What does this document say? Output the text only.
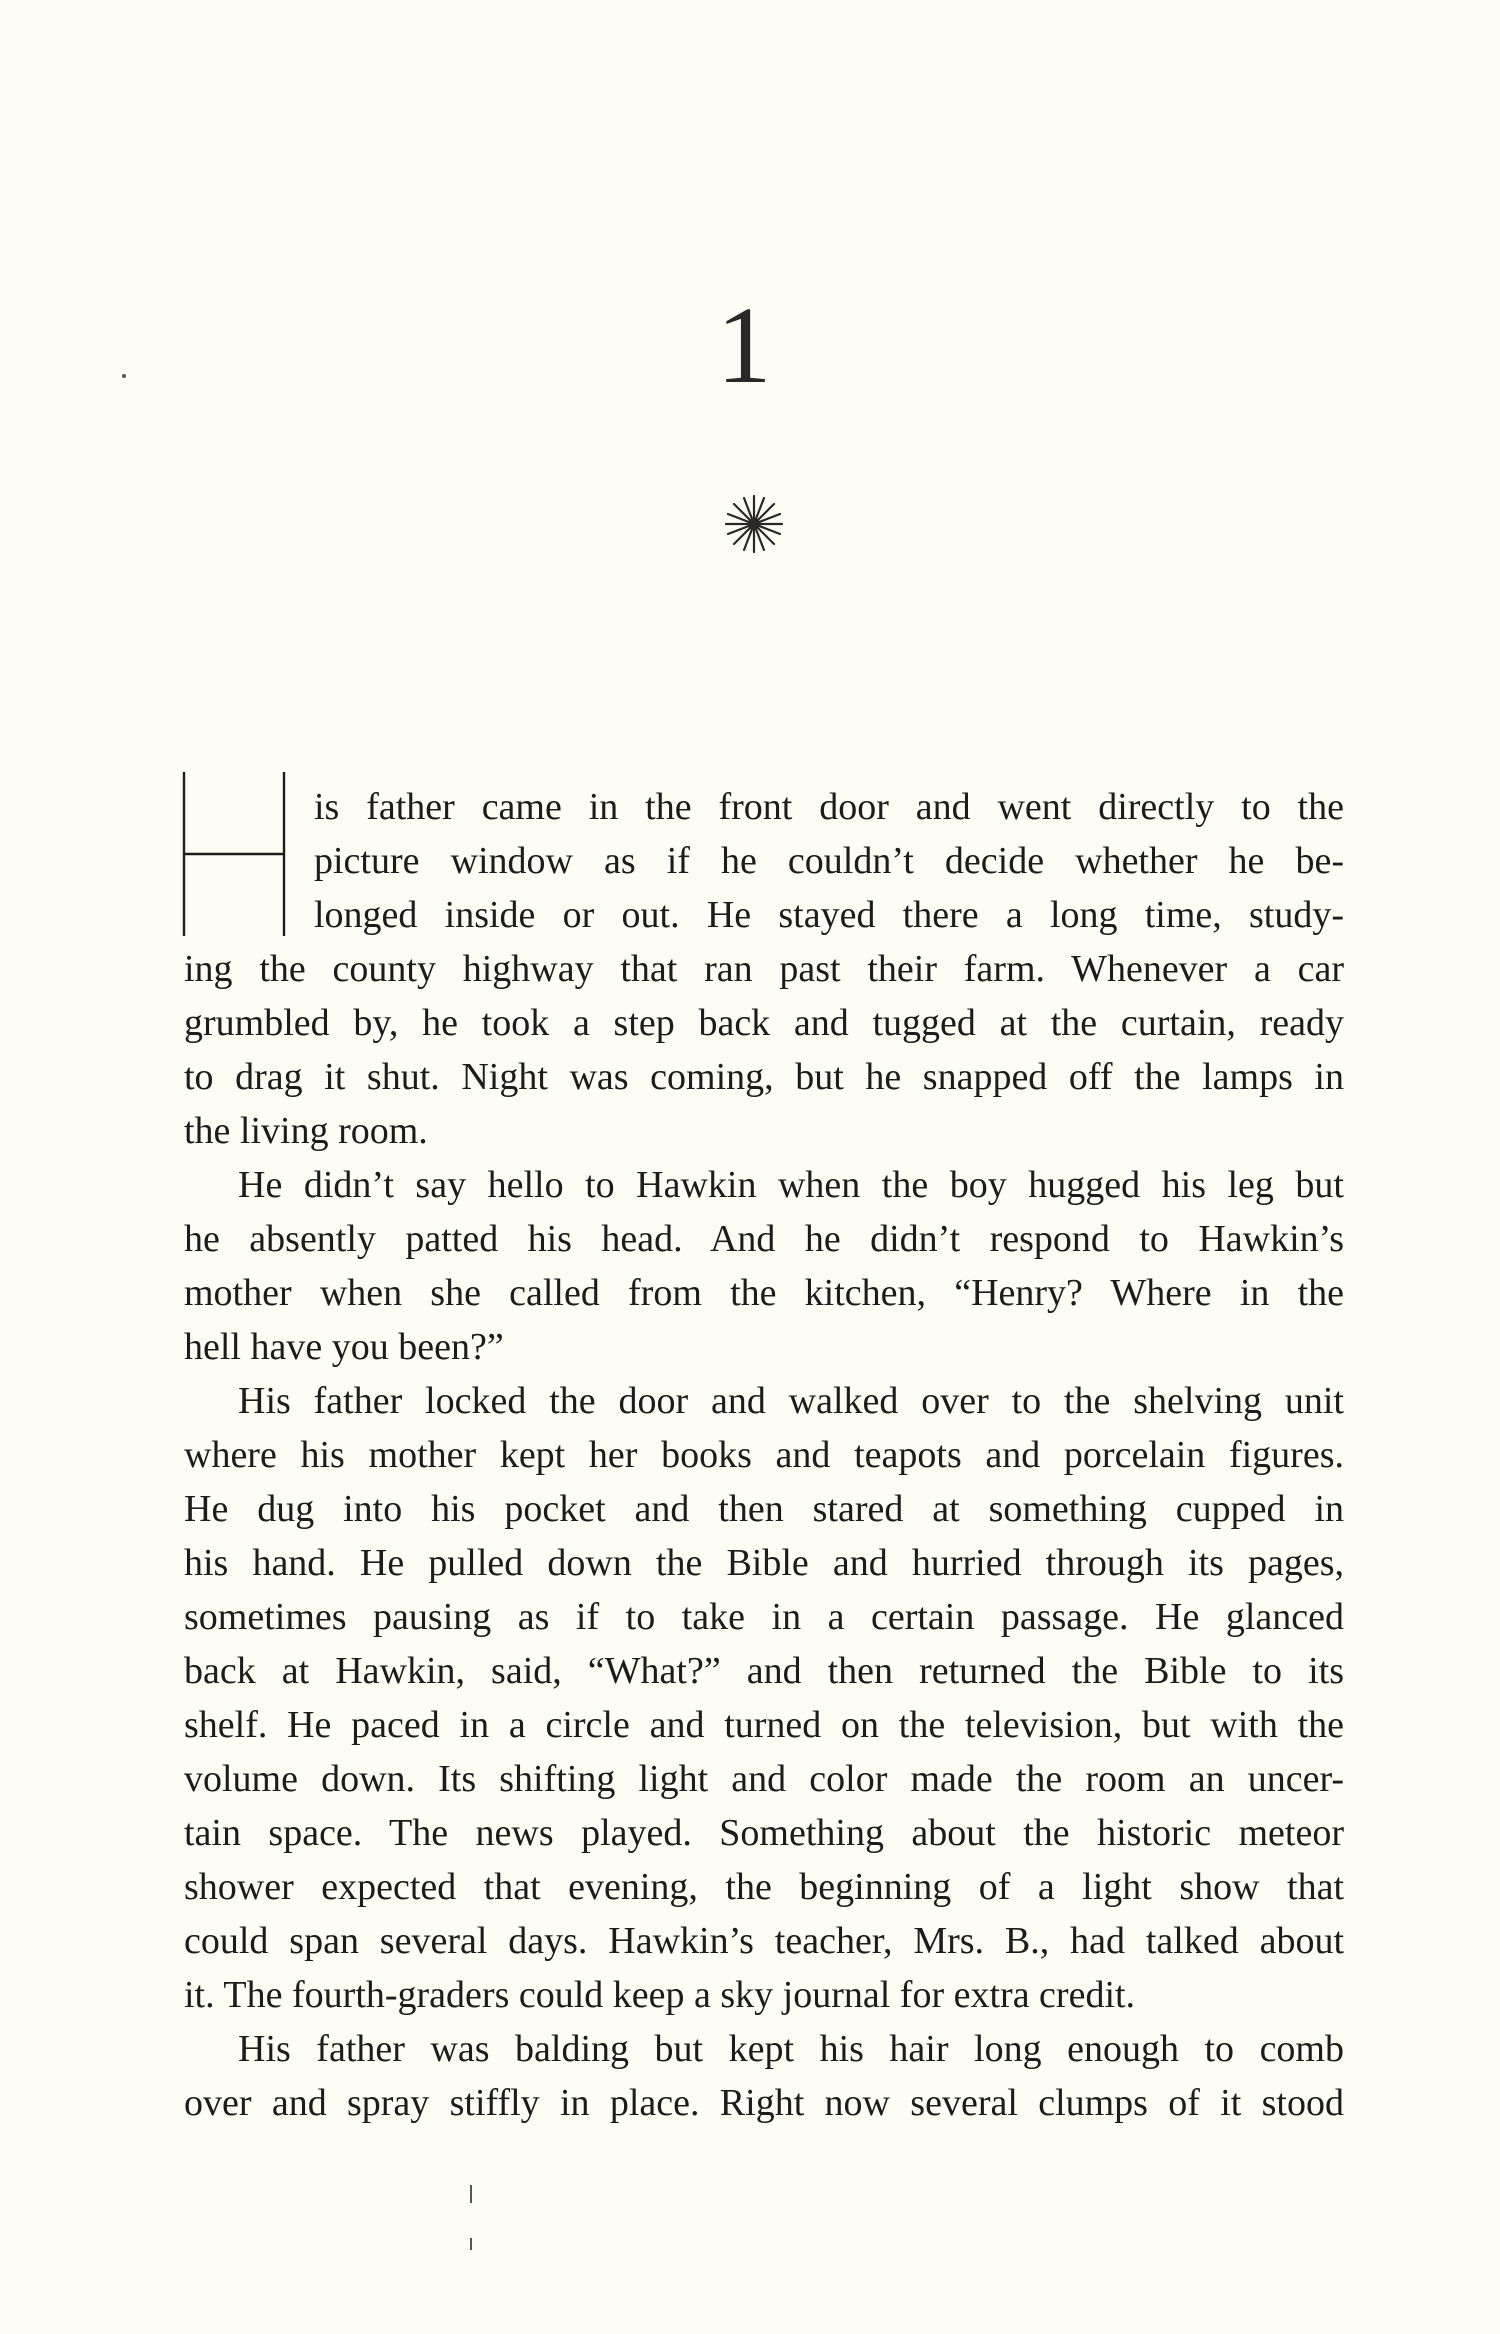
1
H
is father came in the front door and went directly to the
picture window as if he couldn’t decide whether he be-
longed inside or out. He stayed there a long time, study-
ing the county highway that ran past their farm. Whenever a car
grumbled by, he took a step back and tugged at the curtain, ready
to drag it shut. Night was coming, but he snapped off the lamps in
the living room.
He didn’t say hello to Hawkin when the boy hugged his leg but
he absently patted his head. And he didn’t respond to Hawkin’s
mother when she called from the kitchen, “Henry? Where in the
hell have you been?”
His father locked the door and walked over to the shelving unit
where his mother kept her books and teapots and porcelain figures.
He dug into his pocket and then stared at something cupped in
his hand. He pulled down the Bible and hurried through its pages,
sometimes pausing as if to take in a certain passage. He glanced
back at Hawkin, said, “What?” and then returned the Bible to its
shelf. He paced in a circle and turned on the television, but with the
volume down. Its shifting light and color made the room an uncer-
tain space. The news played. Something about the historic meteor
shower expected that evening, the beginning of a light show that
could span several days. Hawkin’s teacher, Mrs. B., had talked about
it. The fourth-graders could keep a sky journal for extra credit.
His father was balding but kept his hair long enough to comb
over and spray stiffly in place. Right now several clumps of it stood
